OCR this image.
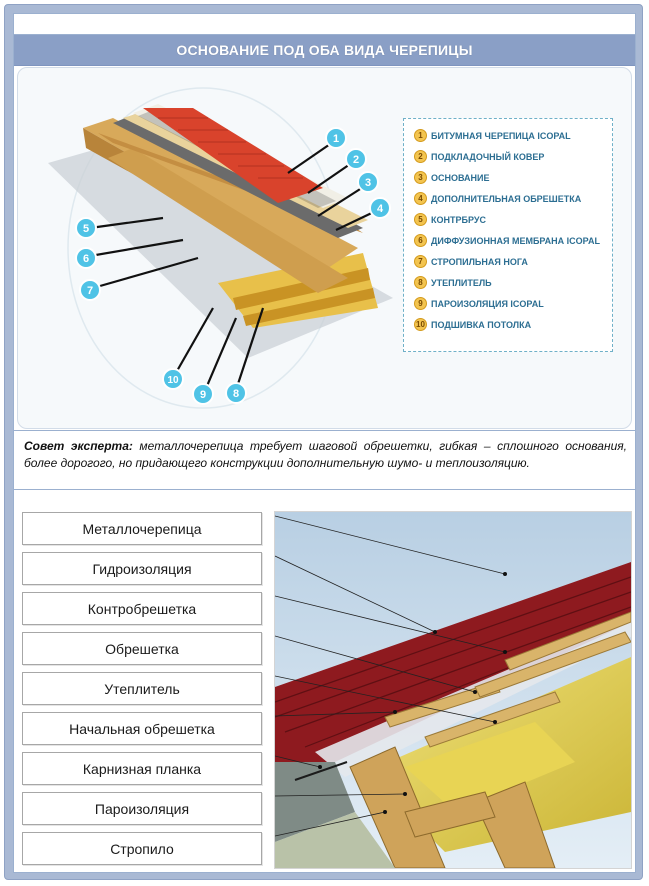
ОСНОВАНИЕ ПОД ОБА ВИДА ЧЕРЕПИЦЫ
1
2
3
4
5
6
7
8
9
10
1 БИТУМНАЯ ЧЕРЕПИЦА ICOPAL
2 ПОДКЛАДОЧНЫЙ КОВЕР
3 ОСНОВАНИЕ
4 ДОПОЛНИТЕЛЬНАЯ ОБРЕШЕТКА
5 КОНТРБРУС
6 ДИФФУЗИОННАЯ МЕМБРАНА ICOPAL
7 СТРОПИЛЬНАЯ НОГА
8 УТЕПЛИТЕЛЬ
9 ПАРОИЗОЛЯЦИЯ ICOPAL
10 ПОДШИВКА ПОТОЛКА
Совет эксперта: металлочерепица требует шаговой обрешетки, гибкая – сплошного основания, более дорогого, но придающего конструкции дополнительную шумо- и теплоизоляцию.
Металлочерепица
Гидроизоляция
Контробрешетка
Обрешетка
Утеплитель
Начальная обрешетка
Карнизная планка
Пароизоляция
Стропило
